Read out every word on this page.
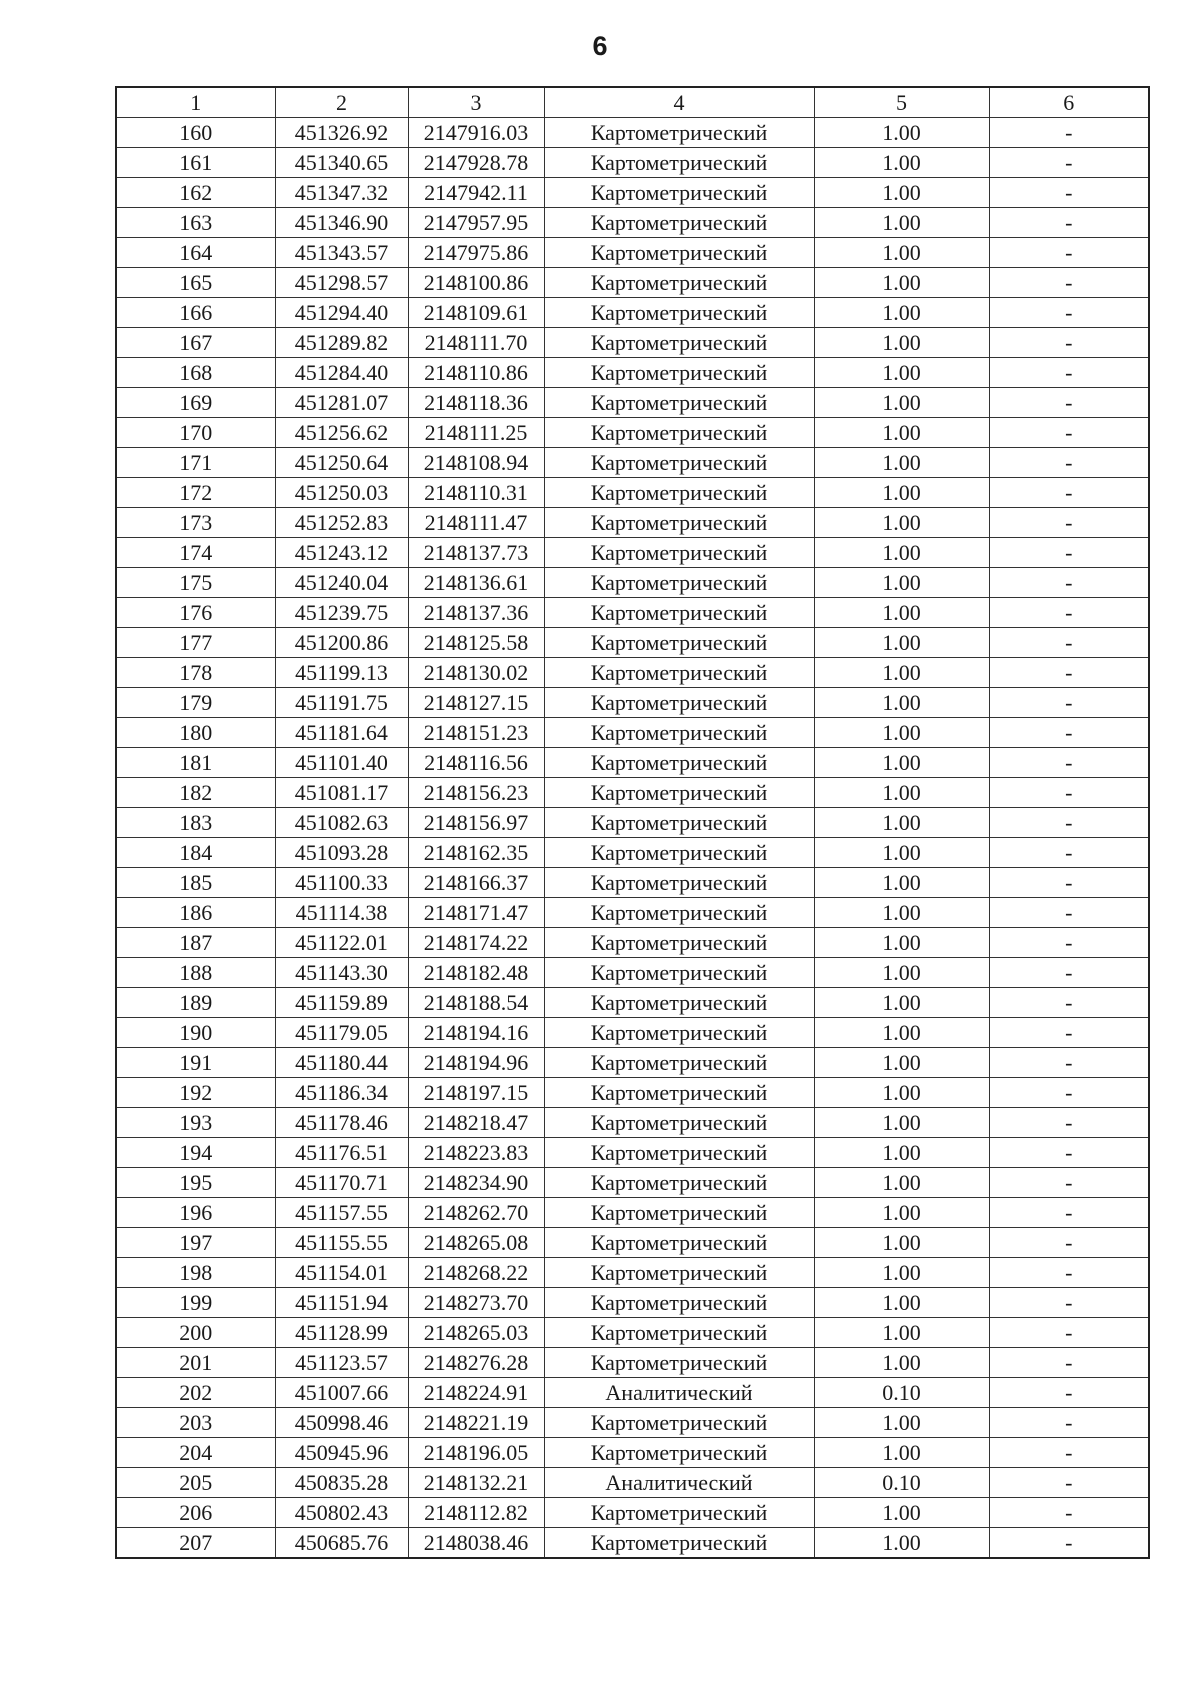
6
1	2	3	4	5	6
160	451326.92	2147916.03	Картометрический	1.00	-
161	451340.65	2147928.78	Картометрический	1.00	-
162	451347.32	2147942.11	Картометрический	1.00	-
163	451346.90	2147957.95	Картометрический	1.00	-
164	451343.57	2147975.86	Картометрический	1.00	-
165	451298.57	2148100.86	Картометрический	1.00	-
166	451294.40	2148109.61	Картометрический	1.00	-
167	451289.82	2148111.70	Картометрический	1.00	-
168	451284.40	2148110.86	Картометрический	1.00	-
169	451281.07	2148118.36	Картометрический	1.00	-
170	451256.62	2148111.25	Картометрический	1.00	-
171	451250.64	2148108.94	Картометрический	1.00	-
172	451250.03	2148110.31	Картометрический	1.00	-
173	451252.83	2148111.47	Картометрический	1.00	-
174	451243.12	2148137.73	Картометрический	1.00	-
175	451240.04	2148136.61	Картометрический	1.00	-
176	451239.75	2148137.36	Картометрический	1.00	-
177	451200.86	2148125.58	Картометрический	1.00	-
178	451199.13	2148130.02	Картометрический	1.00	-
179	451191.75	2148127.15	Картометрический	1.00	-
180	451181.64	2148151.23	Картометрический	1.00	-
181	451101.40	2148116.56	Картометрический	1.00	-
182	451081.17	2148156.23	Картометрический	1.00	-
183	451082.63	2148156.97	Картометрический	1.00	-
184	451093.28	2148162.35	Картометрический	1.00	-
185	451100.33	2148166.37	Картометрический	1.00	-
186	451114.38	2148171.47	Картометрический	1.00	-
187	451122.01	2148174.22	Картометрический	1.00	-
188	451143.30	2148182.48	Картометрический	1.00	-
189	451159.89	2148188.54	Картометрический	1.00	-
190	451179.05	2148194.16	Картометрический	1.00	-
191	451180.44	2148194.96	Картометрический	1.00	-
192	451186.34	2148197.15	Картометрический	1.00	-
193	451178.46	2148218.47	Картометрический	1.00	-
194	451176.51	2148223.83	Картометрический	1.00	-
195	451170.71	2148234.90	Картометрический	1.00	-
196	451157.55	2148262.70	Картометрический	1.00	-
197	451155.55	2148265.08	Картометрический	1.00	-
198	451154.01	2148268.22	Картометрический	1.00	-
199	451151.94	2148273.70	Картометрический	1.00	-
200	451128.99	2148265.03	Картометрический	1.00	-
201	451123.57	2148276.28	Картометрический	1.00	-
202	451007.66	2148224.91	Аналитический	0.10	-
203	450998.46	2148221.19	Картометрический	1.00	-
204	450945.96	2148196.05	Картометрический	1.00	-
205	450835.28	2148132.21	Аналитический	0.10	-
206	450802.43	2148112.82	Картометрический	1.00	-
207	450685.76	2148038.46	Картометрический	1.00	-
